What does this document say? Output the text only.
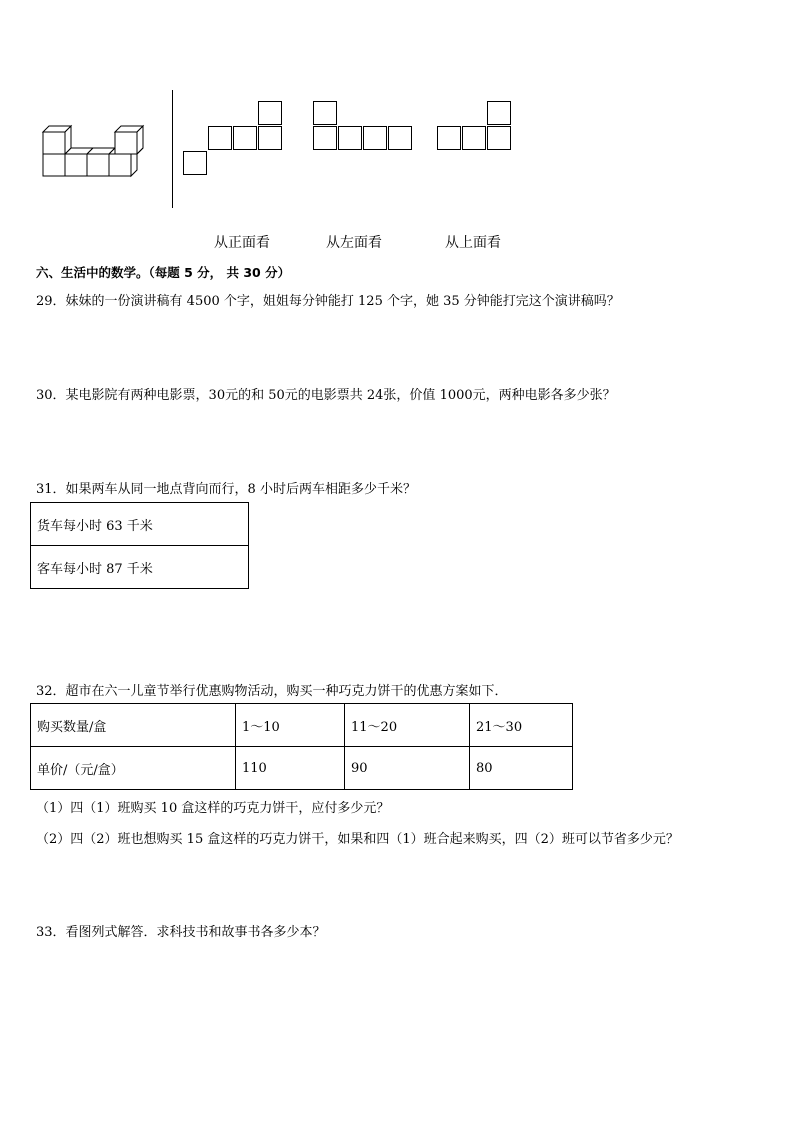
从正面看	从左面看	从上面看
六、生活中的数学。（每题 5 分， 共 30 分）
29．妹妹的一份演讲稿有 4500 个字，姐姐每分钟能打 125 个字，她 35 分钟能打完这个演讲稿吗？
30．某电影院有两种电影票，30元的和 50元的电影票共 24张，价值 1000元，两种电影各多少张？
31．如果两车从同一地点背向而行，8 小时后两车相距多少千米？
货车每小时 63 千米
客车每小时 87 千米
32．超市在六一儿童节举行优惠购物活动，购买一种巧克力饼干的优惠方案如下．
购买数量/盒	1～10	11～20	21～30
单价/（元/盒）	110	90	80
（1）四（1）班购买 10 盒这样的巧克力饼干，应付多少元？
（2）四（2）班也想购买 15 盒这样的巧克力饼干，如果和四（1）班合起来购买，四（2）班可以节省多少元？
33．看图列式解答．求科技书和故事书各多少本？
